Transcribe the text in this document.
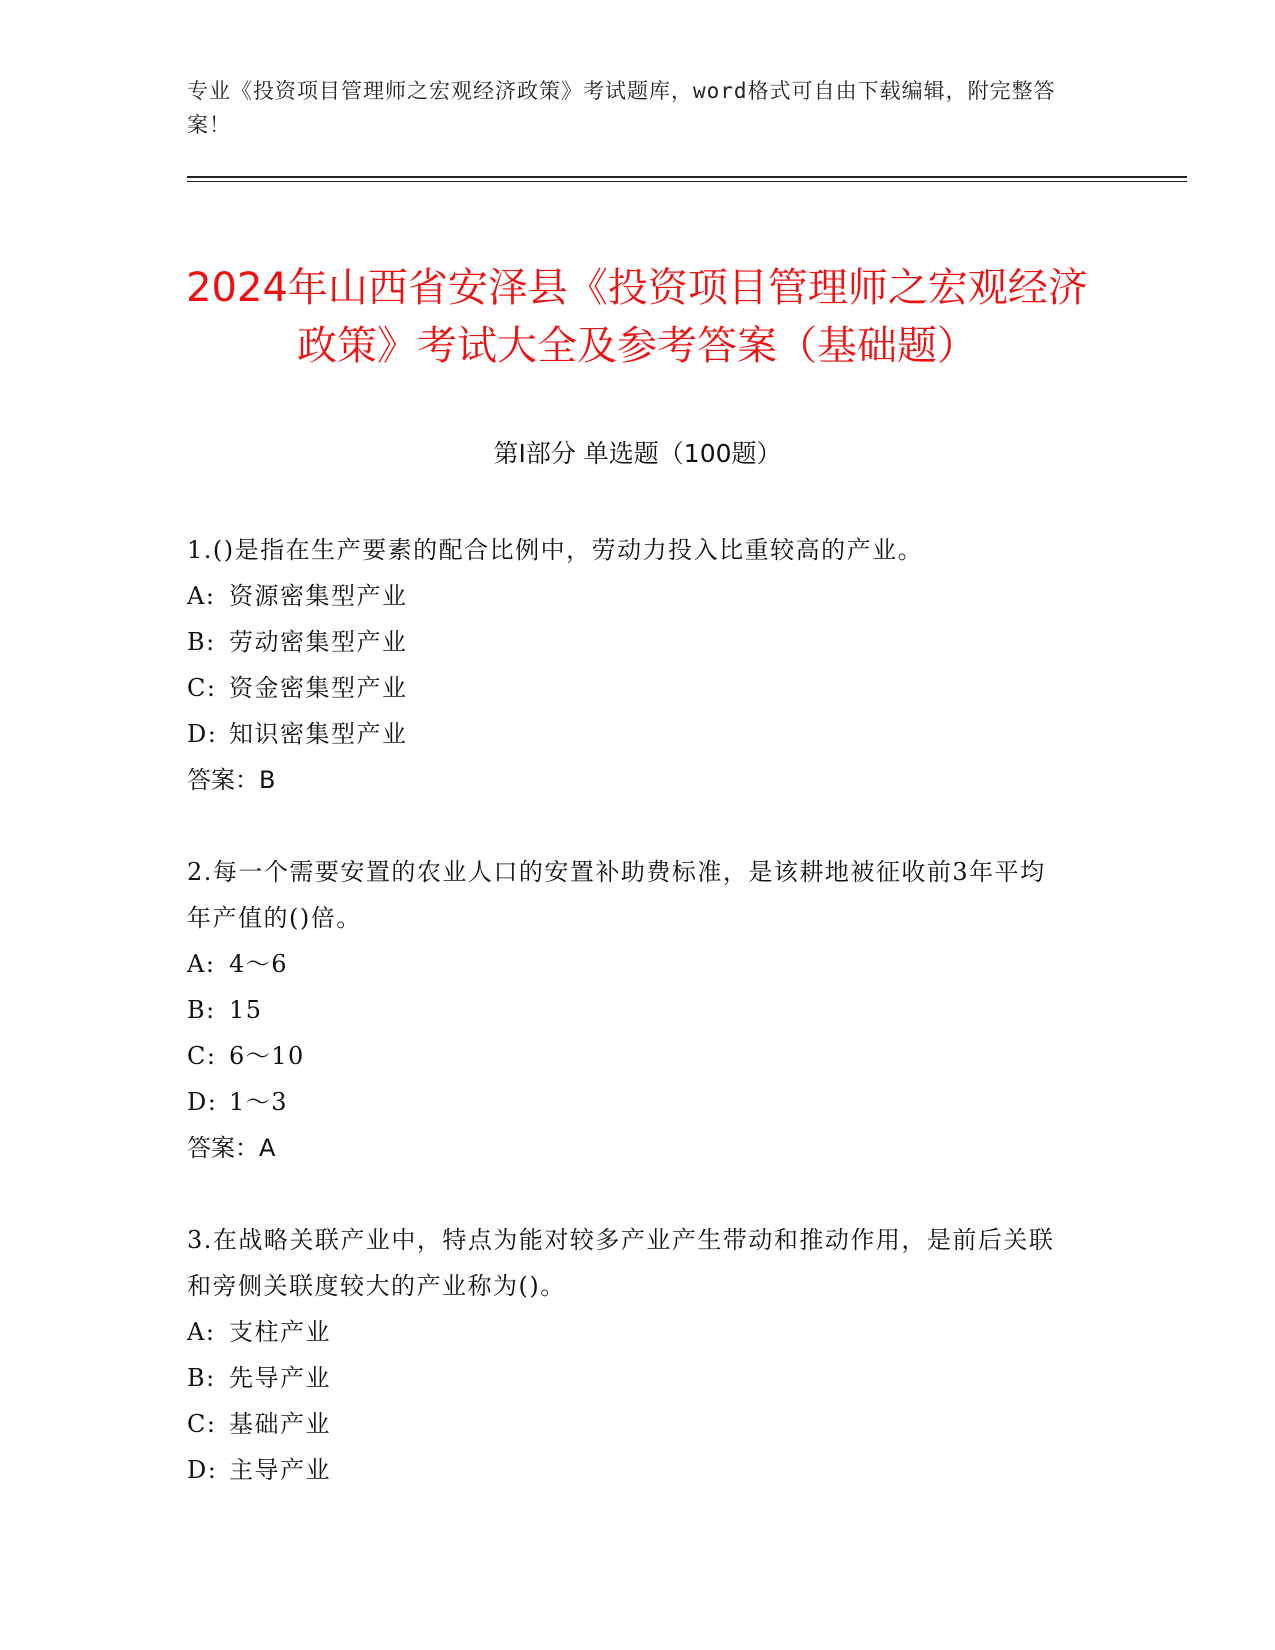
专业《投资项目管理师之宏观经济政策》考试题库，word格式可自由下载编辑，附完整答案！
2024年山西省安泽县《投资项目管理师之宏观经济政策》考试大全及参考答案（基础题）
第Ⅰ部分 单选题（100题）

1.()是指在生产要素的配合比例中，劳动力投入比重较高的产业。

A: 资源密集型产业
B: 劳动密集型产业
C: 资金密集型产业
D: 知识密集型产业
答案：B

2.每一个需要安置的农业人口的安置补助费标准，是该耕地被征收前3年平均年产值的()倍。

A: 4～6
B: 15
C: 6～10
D: 1～3
答案：A

3.在战略关联产业中，特点为能对较多产业产生带动和推动作用，是前后关联和旁侧关联度较大的产业称为()。

A: 支柱产业
B: 先导产业
C: 基础产业
D: 主导产业
